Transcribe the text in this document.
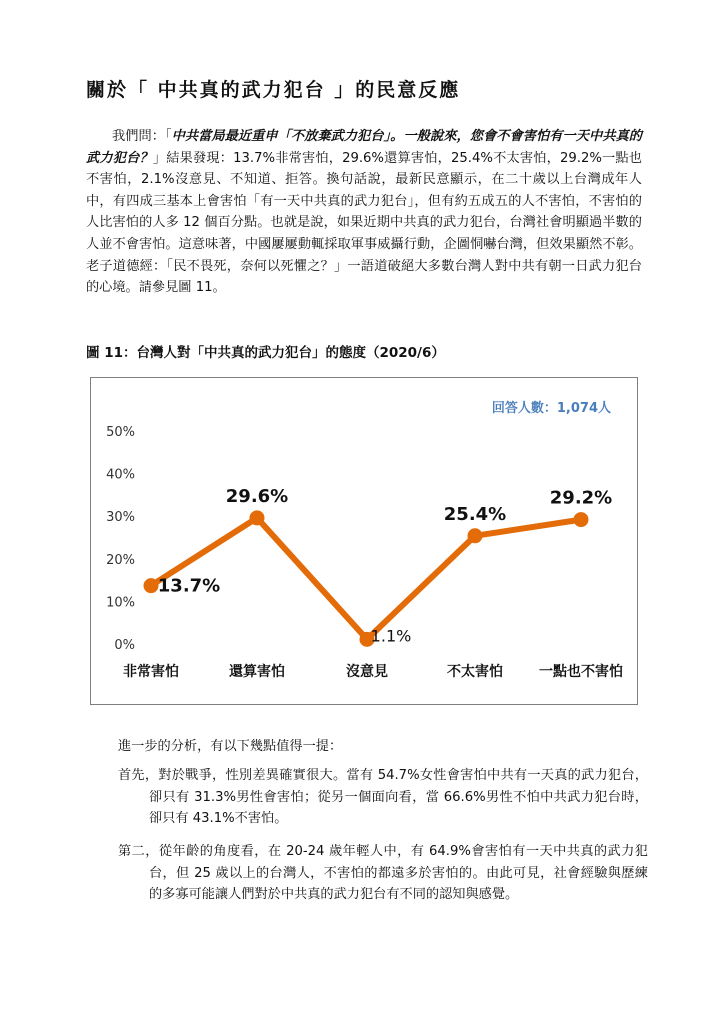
關於「 中共真的武力犯台 」的民意反應
我們問：「中共當局最近重申「不放棄武力犯台」。一般說來，您會不會害怕有一天中共真的武力犯台？」結果發現：13.7%非常害怕，29.6%還算害怕，25.4%不太害怕，29.2%一點也不害怕，2.1%沒意見、不知道、拒答。換句話說，最新民意顯示，在二十歲以上台灣成年人中，有四成三基本上會害怕「有一天中共真的武力犯台」，但有約五成五的人不害怕，不害怕的人比害怕的人多 12 個百分點。也就是說，如果近期中共真的武力犯台，台灣社會明顯過半數的人並不會害怕。這意味著，中國屢屢動輒採取軍事威攝行動，企圖恫嚇台灣，但效果顯然不彰。老子道德經：「民不畏死，奈何以死懼之？」一語道破絕大多數台灣人對中共有朝一日武力犯台的心境。請參見圖 11。
圖 11：台灣人對「中共真的武力犯台」的態度（2020/6）
0%
10%
20%
30%
40%
50%
非常害怕	還算害怕	沒意見	不太害怕	一點也不害怕
回答人數：1,074人
13.7%
29.6%
1.1%
25.4%
29.2%
進一步的分析，有以下幾點值得一提：
首先，對於戰爭，性別差異確實很大。當有 54.7%女性會害怕中共有一天真的武力犯台，卻只有 31.3%男性會害怕；從另一個面向看，當 66.6%男性不怕中共武力犯台時，卻只有 43.1%不害怕。
第二，從年齡的角度看，在 20-24 歲年輕人中，有 64.9%會害怕有一天中共真的武力犯台，但 25 歲以上的台灣人，不害怕的都遠多於害怕的。由此可見，社會經驗與歷練的多寡可能讓人們對於中共真的武力犯台有不同的認知與感覺。
